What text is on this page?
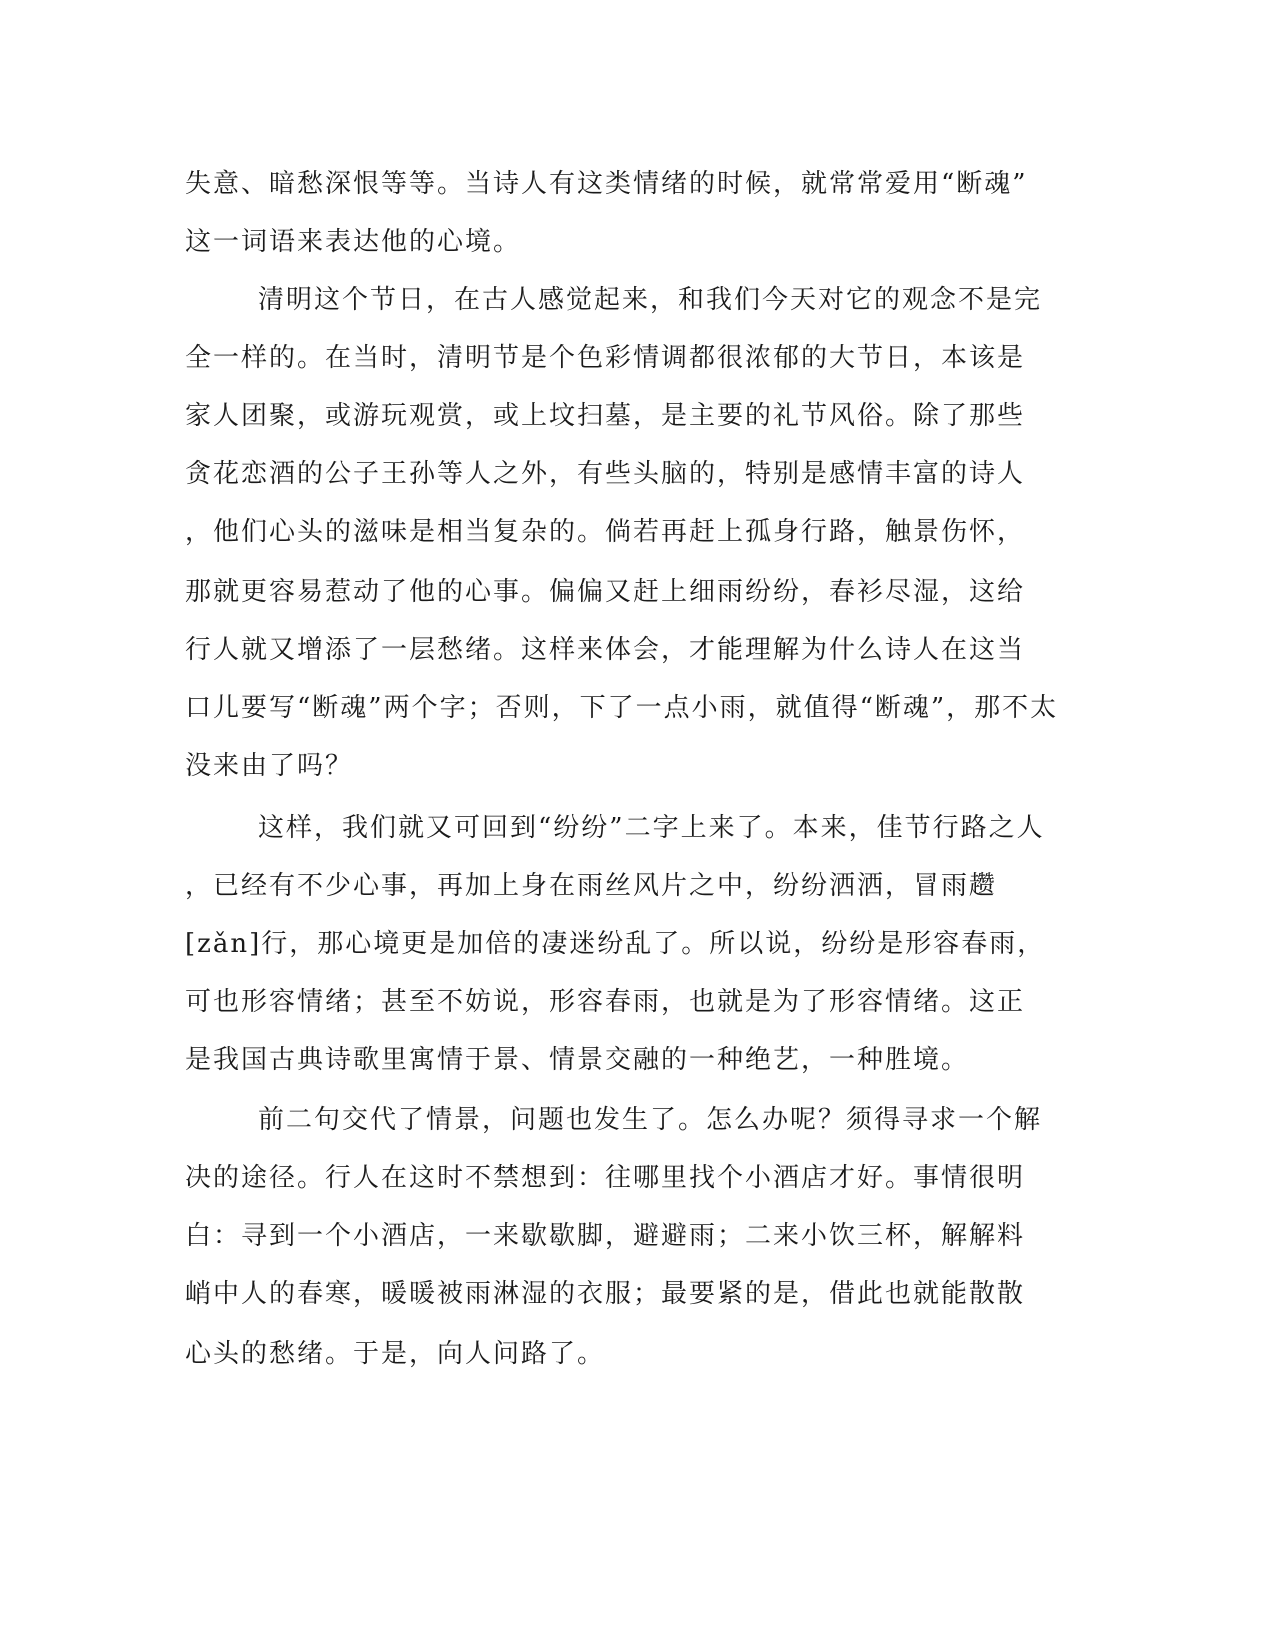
失意、暗愁深恨等等。当诗人有这类情绪的时候，就常常爱用“断魂”
这一词语来表达他的心境。
清明这个节日，在古人感觉起来，和我们今天对它的观念不是完
全一样的。在当时，清明节是个色彩情调都很浓郁的大节日，本该是
家人团聚，或游玩观赏，或上坟扫墓，是主要的礼节风俗。除了那些
贪花恋酒的公子王孙等人之外，有些头脑的，特别是感情丰富的诗人
，他们心头的滋味是相当复杂的。倘若再赶上孤身行路，触景伤怀，
那就更容易惹动了他的心事。偏偏又赶上细雨纷纷，春衫尽湿，这给
行人就又增添了一层愁绪。这样来体会，才能理解为什么诗人在这当
口儿要写“断魂”两个字；否则，下了一点小雨，就值得“断魂”，那不太
没来由了吗？
这样，我们就又可回到“纷纷”二字上来了。本来，佳节行路之人
，已经有不少心事，再加上身在雨丝风片之中，纷纷洒洒，冒雨趱
[zǎn]行，那心境更是加倍的凄迷纷乱了。所以说，纷纷是形容春雨，
可也形容情绪；甚至不妨说，形容春雨，也就是为了形容情绪。这正
是我国古典诗歌里寓情于景、情景交融的一种绝艺，一种胜境。
前二句交代了情景，问题也发生了。怎么办呢？须得寻求一个解
决的途径。行人在这时不禁想到：往哪里找个小酒店才好。事情很明
白：寻到一个小酒店，一来歇歇脚，避避雨；二来小饮三杯，解解料
峭中人的春寒，暖暖被雨淋湿的衣服；最要紧的是，借此也就能散散
心头的愁绪。于是，向人问路了。
